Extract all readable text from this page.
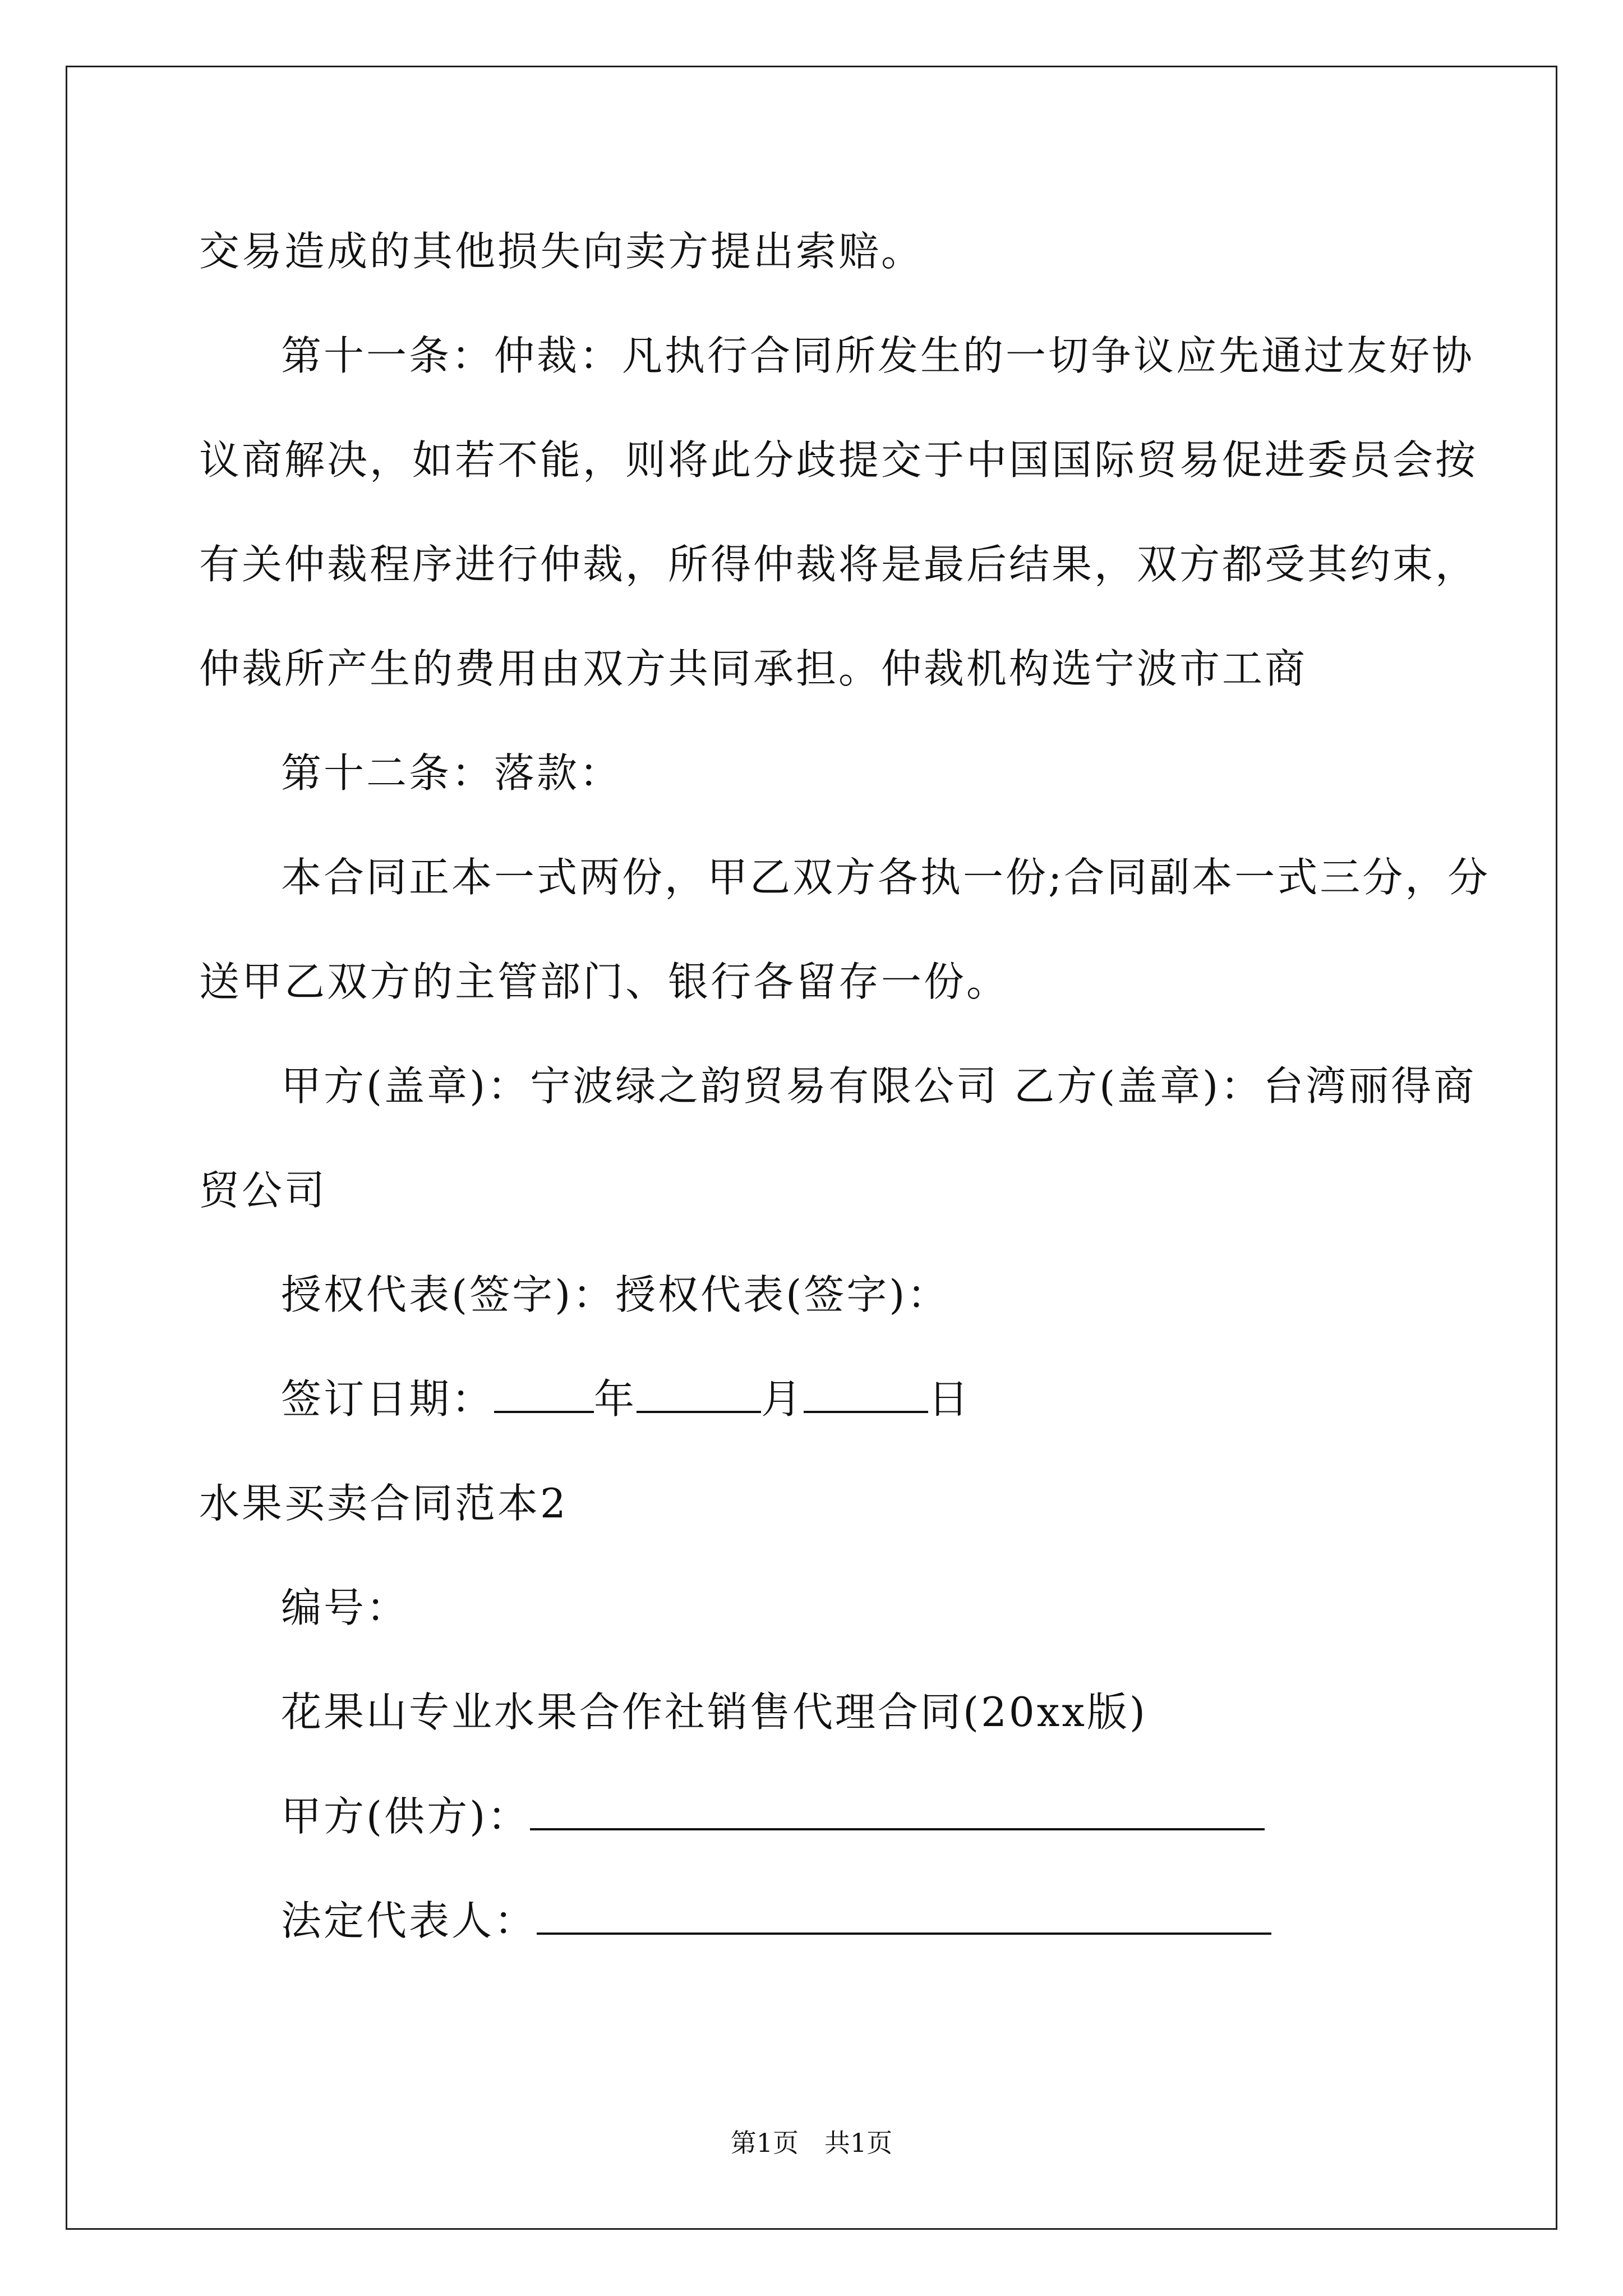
交易造成的其他损失向卖方提出索赔。
第十一条：仲裁：凡执行合同所发生的一切争议应先通过友好协
议商解决，如若不能，则将此分歧提交于中国国际贸易促进委员会按
有关仲裁程序进行仲裁，所得仲裁将是最后结果，双方都受其约束，
仲裁所产生的费用由双方共同承担。仲裁机构选宁波市工商
第十二条：落款：
本合同正本一式两份，甲乙双方各执一份;合同副本一式三分，分
送甲乙双方的主管部门、银行各留存一份。
甲方(盖章)：宁波绿之韵贸易有限公司 乙方(盖章)：台湾丽得商
贸公司
授权代表(签字)：授权代表(签字)：
签订日期： 年	月	日
水果买卖合同范本2
编号：
花果山专业水果合作社销售代理合同(20xx版)
甲方(供方)：
法定代表人：
第1页　共1页
